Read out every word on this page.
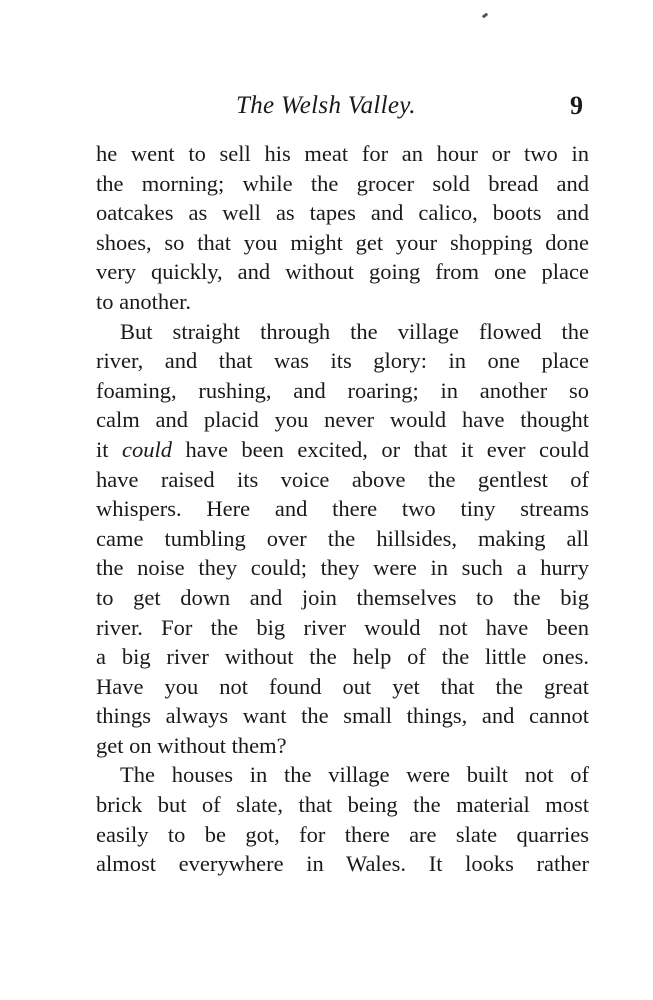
The Welsh Valley.	9
he went to sell his meat for an hour or two in
the morning; while the grocer sold bread and
oatcakes as well as tapes and calico, boots and
shoes, so that you might get your shopping done
very quickly, and without going from one place
to another.
But straight through the village flowed the
river, and that was its glory: in one place
foaming, rushing, and roaring; in another so
calm and placid you never would have thought
it could have been excited, or that it ever could
have raised its voice above the gentlest of
whispers. Here and there two tiny streams
came tumbling over the hillsides, making all
the noise they could; they were in such a hurry
to get down and join themselves to the big
river. For the big river would not have been
a big river without the help of the little ones.
Have you not found out yet that the great
things always want the small things, and cannot
get on without them?
The houses in the village were built not of
brick but of slate, that being the material most
easily to be got, for there are slate quarries
almost everywhere in Wales. It looks rather
